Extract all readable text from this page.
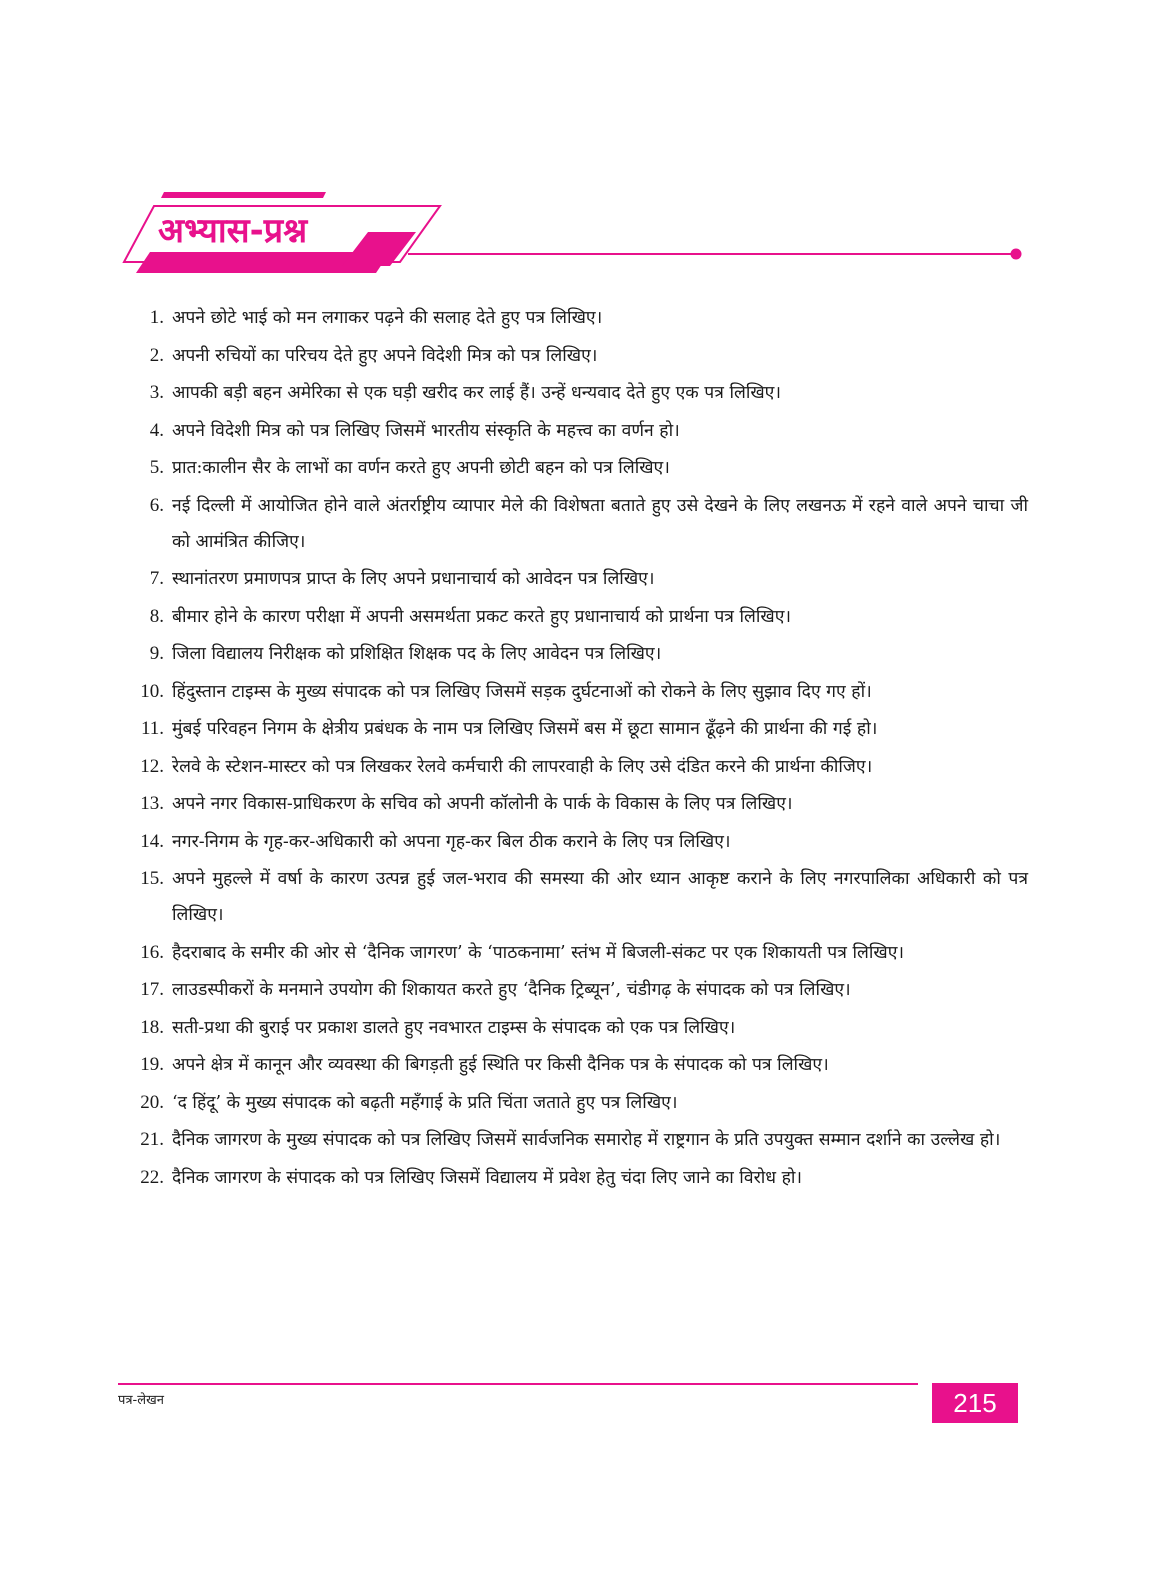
अभ्यास-प्रश्न
1. अपने छोटे भाई को मन लगाकर पढ़ने की सलाह देते हुए पत्र लिखिए।
2. अपनी रुचियों का परिचय देते हुए अपने विदेशी मित्र को पत्र लिखिए।
3. आपकी बड़ी बहन अमेरिका से एक घड़ी खरीद कर लाई हैं। उन्हें धन्यवाद देते हुए एक पत्र लिखिए।
4. अपने विदेशी मित्र को पत्र लिखिए जिसमें भारतीय संस्कृति के महत्त्व का वर्णन हो।
5. प्रात:कालीन सैर के लाभों का वर्णन करते हुए अपनी छोटी बहन को पत्र लिखिए।
6. नई दिल्ली में आयोजित होने वाले अंतर्राष्ट्रीय व्यापार मेले की विशेषता बताते हुए उसे देखने के लिए लखनऊ में रहने वाले अपने चाचा जी को आमंत्रित कीजिए।
7. स्थानांतरण प्रमाणपत्र प्राप्त के लिए अपने प्रधानाचार्य को आवेदन पत्र लिखिए।
8. बीमार होने के कारण परीक्षा में अपनी असमर्थता प्रकट करते हुए प्रधानाचार्य को प्रार्थना पत्र लिखिए।
9. जिला विद्यालय निरीक्षक को प्रशिक्षित शिक्षक पद के लिए आवेदन पत्र लिखिए।
10. हिंदुस्तान टाइम्स के मुख्य संपादक को पत्र लिखिए जिसमें सड़क दुर्घटनाओं को रोकने के लिए सुझाव दिए गए हों।
11. मुंबई परिवहन निगम के क्षेत्रीय प्रबंधक के नाम पत्र लिखिए जिसमें बस में छूटा सामान ढूँढ़ने की प्रार्थना की गई हो।
12. रेलवे के स्टेशन-मास्टर को पत्र लिखकर रेलवे कर्मचारी की लापरवाही के लिए उसे दंडित करने की प्रार्थना कीजिए।
13. अपने नगर विकास-प्राधिकरण के सचिव को अपनी कॉलोनी के पार्क के विकास के लिए पत्र लिखिए।
14. नगर-निगम के गृह-कर-अधिकारी को अपना गृह-कर बिल ठीक कराने के लिए पत्र लिखिए।
15. अपने मुहल्ले में वर्षा के कारण उत्पन्न हुई जल-भराव की समस्या की ओर ध्यान आकृष्ट कराने के लिए नगरपालिका अधिकारी को पत्र लिखिए।
16. हैदराबाद के समीर की ओर से ‘दैनिक जागरण’ के ‘पाठकनामा’ स्तंभ में बिजली-संकट पर एक शिकायती पत्र लिखिए।
17. लाउडस्पीकरों के मनमाने उपयोग की शिकायत करते हुए ‘दैनिक ट्रिब्यून’, चंडीगढ़ के संपादक को पत्र लिखिए।
18. सती-प्रथा की बुराई पर प्रकाश डालते हुए नवभारत टाइम्स के संपादक को एक पत्र लिखिए।
19. अपने क्षेत्र में कानून और व्यवस्था की बिगड़ती हुई स्थिति पर किसी दैनिक पत्र के संपादक को पत्र लिखिए।
20. ‘द हिंदू’ के मुख्य संपादक को बढ़ती महँगाई के प्रति चिंता जताते हुए पत्र लिखिए।
21. दैनिक जागरण के मुख्य संपादक को पत्र लिखिए जिसमें सार्वजनिक समारोह में राष्ट्रगान के प्रति उपयुक्त सम्मान दर्शाने का उल्लेख हो।
22. दैनिक जागरण के संपादक को पत्र लिखिए जिसमें विद्यालय में प्रवेश हेतु चंदा लिए जाने का विरोध हो।
पत्र-लेखन	215
